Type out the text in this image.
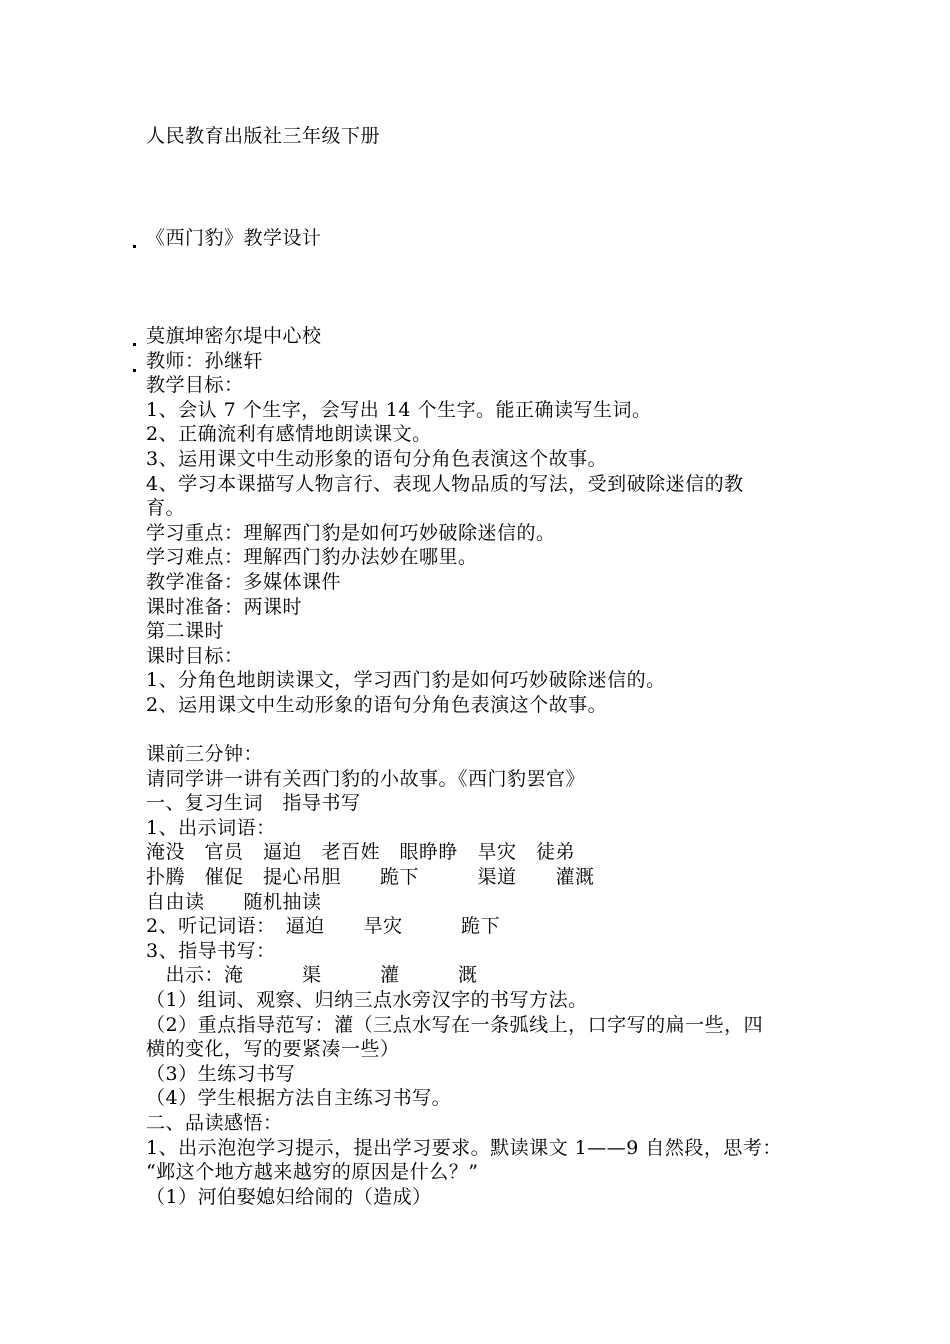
人民教育出版社三年级下册
《西门豹》教学设计
莫旗坤密尔堤中心校
教师：孙继轩
教学目标：
1、会认 7 个生字，会写出 14 个生字。能正确读写生词。
2、正确流利有感情地朗读课文。
3、运用课文中生动形象的语句分角色表演这个故事。
4、学习本课描写人物言行、表现人物品质的写法，受到破除迷信的教
育。
学习重点：理解西门豹是如何巧妙破除迷信的。
学习难点：理解西门豹办法妙在哪里。
教学准备：多媒体课件
课时准备：两课时
第二课时
课时目标：
1、分角色地朗读课文，学习西门豹是如何巧妙破除迷信的。
2、运用课文中生动形象的语句分角色表演这个故事。
课前三分钟：
请同学讲一讲有关西门豹的小故事。《西门豹罢官》
一、复习生词　指导书写
1、出示词语：
淹没　官员　逼迫　老百姓　眼睁睁　旱灾　徒弟
扑腾　催促　提心吊胆　　跪下　　　渠道　　灌溉
自由读　　随机抽读
2、听记词语：　逼迫　　旱灾　　　跪下
3、指导书写：
　出示：淹　　　渠　　　灌　　　溉
（1）组词、观察、归纳三点水旁汉字的书写方法。
（2）重点指导范写：灌（三点水写在一条弧线上，口字写的扁一些，四
横的变化，写的要紧凑一些）
（3）生练习书写
（4）学生根据方法自主练习书写。
二、品读感悟：
1、出示泡泡学习提示，提出学习要求。默读课文 1——9 自然段，思考：
“邺这个地方越来越穷的原因是什么？”
（1）河伯娶媳妇给闹的（造成）
